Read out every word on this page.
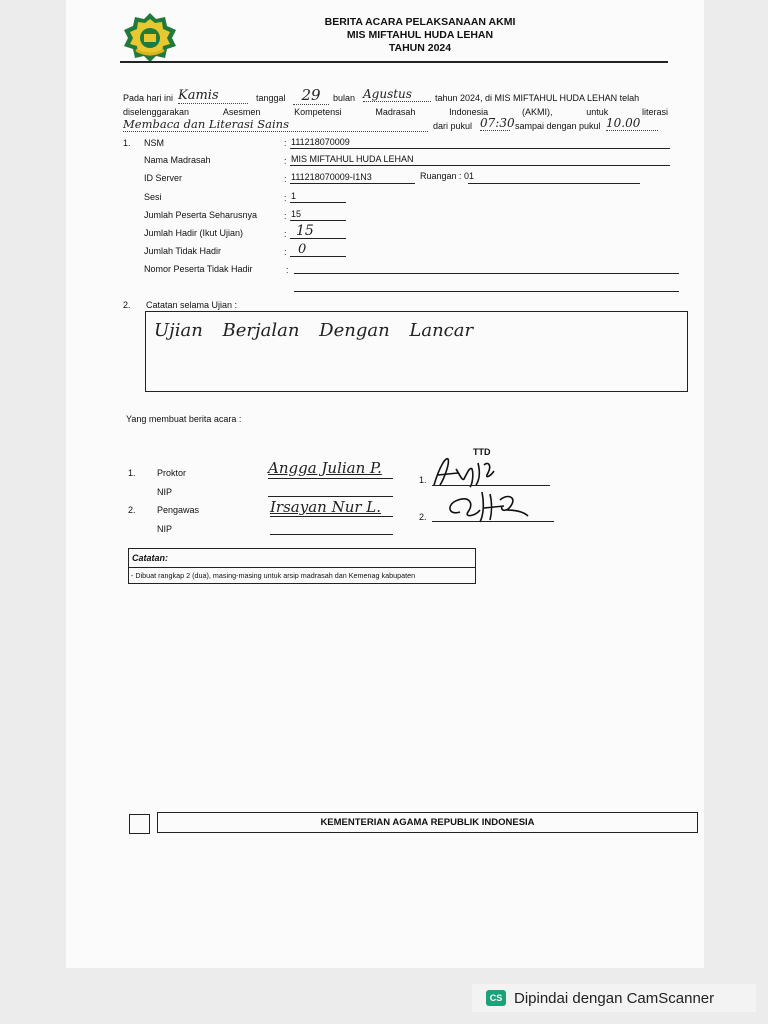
BERITA ACARA PELAKSANAAN AKMI
MIS MIFTAHUL HUDA LEHAN
TAHUN 2024
Pada hari ini Kamis	tanggal	29	bulan Agustus	tahun 2024, di MIS MIFTAHUL HUDA LEHAN telah
diselenggarakan	Asesmen	Kompetensi	Madrasah	Indonesia	(AKMI),	untuk	literasi
Membaca dan Literasi Sains	dari pukul 07:30 sampai dengan pukul 10.00
1. NSM	: 111218070009
Nama Madrasah	: MIS MIFTAHUL HUDA LEHAN
ID Server	: 111218070009-I1N3	Ruangan : 01
Sesi	: 1
Jumlah Peserta Seharusnya	: 15
Jumlah Hadir (Ikut Ujian)	: 15
Jumlah Tidak Hadir	: 0
Nomor Peserta Tidak Hadir	:
2. Catatan selama Ujian :
Ujian Berjalan Dengan Lancar
Yang membuat berita acara :
TTD
1. Proktor	Angga Julian P.
NIP
1.
2. Pengawas	Irsayan Nur L.
NIP
2.
Catatan:
- Dibuat rangkap 2 (dua), masing-masing untuk arsip madrasah dan Kemenag kabupaten
KEMENTERIAN AGAMA REPUBLIK INDONESIA
CS Dipindai dengan CamScanner
